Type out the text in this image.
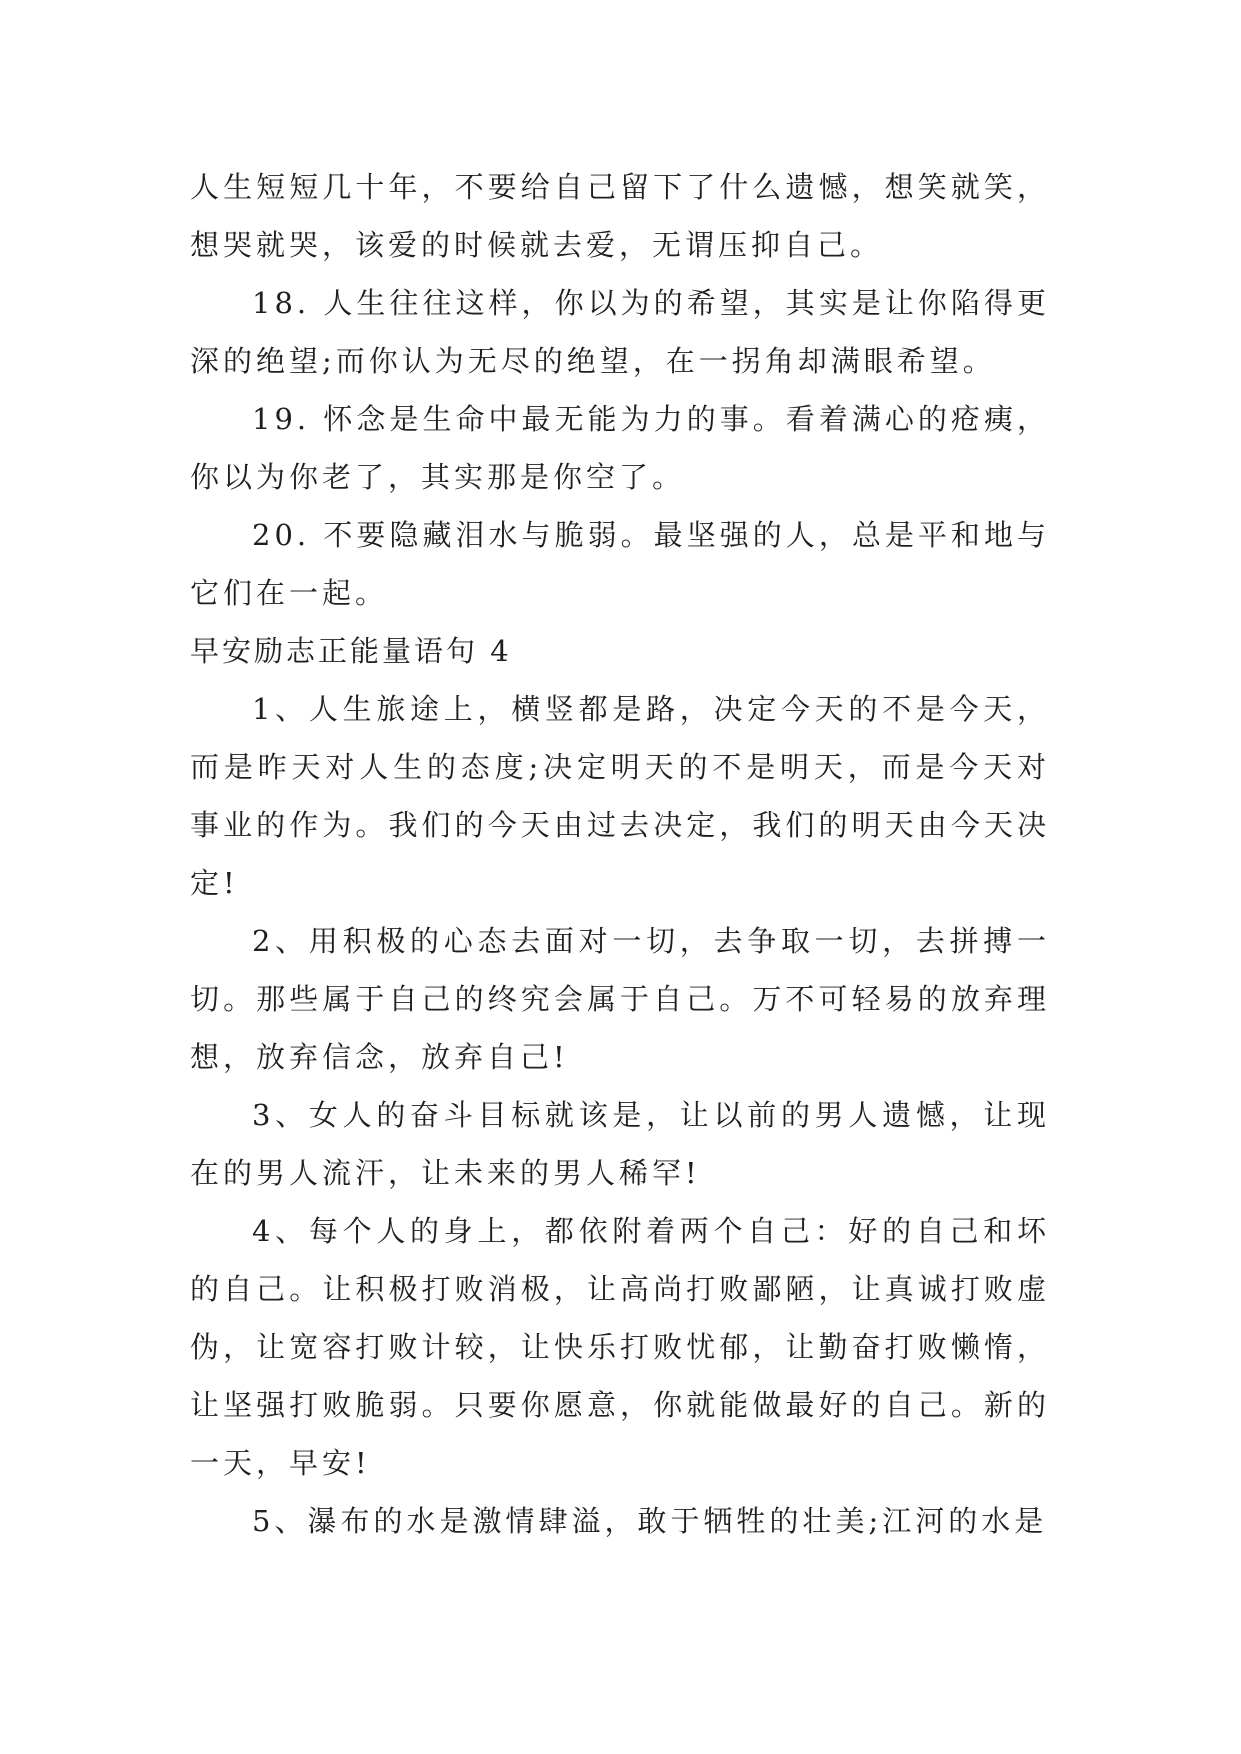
人生短短几十年，不要给自己留下了什么遗憾，想笑就笑，想哭就哭，该爱的时候就去爱，无谓压抑自己。

18. 人生往往这样，你以为的希望，其实是让你陷得更深的绝望;而你认为无尽的绝望，在一拐角却满眼希望。

19. 怀念是生命中最无能为力的事。看着满心的疮痍，你以为你老了，其实那是你空了。

20. 不要隐藏泪水与脆弱。最坚强的人，总是平和地与它们在一起。

早安励志正能量语句 4

1、人生旅途上，横竖都是路，决定今天的不是今天，而是昨天对人生的态度;决定明天的不是明天，而是今天对事业的作为。我们的今天由过去决定，我们的明天由今天决定!

2、用积极的心态去面对一切，去争取一切，去拼搏一切。那些属于自己的终究会属于自己。万不可轻易的放弃理想，放弃信念，放弃自己!

3、女人的奋斗目标就该是，让以前的男人遗憾，让现在的男人流汗，让未来的男人稀罕!

4、每个人的身上，都依附着两个自己：好的自己和坏的自己。让积极打败消极，让高尚打败鄙陋，让真诚打败虚伪，让宽容打败计较，让快乐打败忧郁，让勤奋打败懒惰，让坚强打败脆弱。只要你愿意，你就能做最好的自己。新的一天，早安!

5、瀑布的水是激情肆溢，敢于牺牲的壮美;江河的水是
